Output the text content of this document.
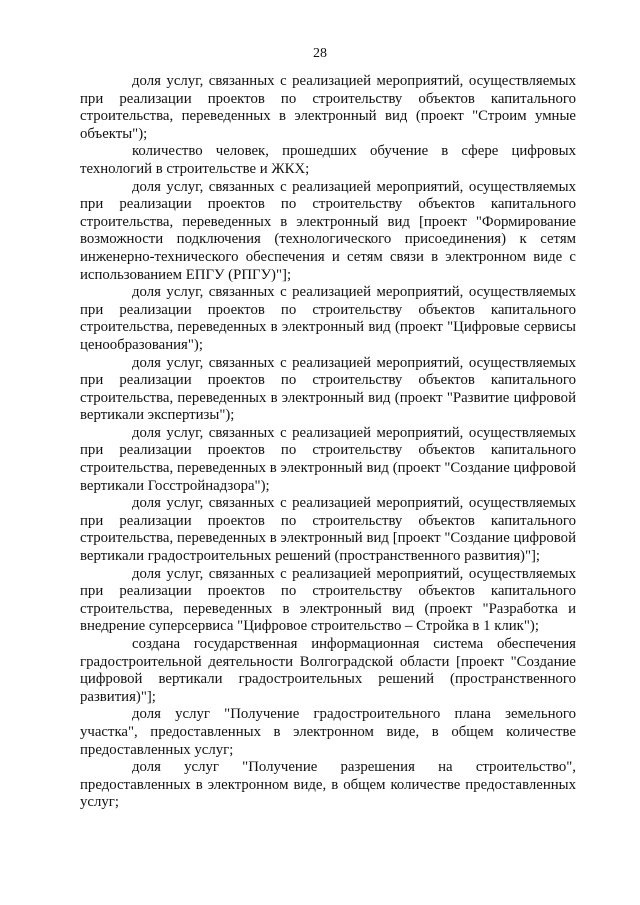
28

доля услуг, связанных с реализацией мероприятий, осуществляемых при реализации проектов по строительству объектов капитального строительства, переведенных в электронный вид (проект "Строим умные объекты");

количество человек, прошедших обучение в сфере цифровых технологий в строительстве и ЖКХ;

доля услуг, связанных с реализацией мероприятий, осуществляемых при реализации проектов по строительству объектов капитального строительства, переведенных в электронный вид [проект "Формирование возможности подключения (технологического присоединения) к сетям инженерно-технического обеспечения и сетям связи в электронном виде с использованием ЕПГУ (РПГУ)"];

доля услуг, связанных с реализацией мероприятий, осуществляемых при реализации проектов по строительству объектов капитального строительства, переведенных в электронный вид (проект "Цифровые сервисы ценообразования");

доля услуг, связанных с реализацией мероприятий, осуществляемых при реализации проектов по строительству объектов капитального строительства, переведенных в электронный вид (проект "Развитие цифровой вертикали экспертизы");

доля услуг, связанных с реализацией мероприятий, осуществляемых при реализации проектов по строительству объектов капитального строительства, переведенных в электронный вид (проект "Создание цифровой вертикали Госстройнадзора");

доля услуг, связанных с реализацией мероприятий, осуществляемых при реализации проектов по строительству объектов капитального строительства, переведенных в электронный вид [проект "Создание цифровой вертикали градостроительных решений (пространственного развития)"];

доля услуг, связанных с реализацией мероприятий, осуществляемых при реализации проектов по строительству объектов капитального строительства, переведенных в электронный вид (проект "Разработка и внедрение суперсервиса "Цифровое строительство – Стройка в 1 клик");

создана государственная информационная система обеспечения градостроительной деятельности Волгоградской области [проект "Создание цифровой вертикали градостроительных решений (пространственного развития)"];

доля услуг "Получение градостроительного плана земельного участка", предоставленных в электронном виде, в общем количестве предоставленных услуг;

доля услуг "Получение разрешения на строительство", предоставленных в электронном виде, в общем количестве предоставленных услуг;
